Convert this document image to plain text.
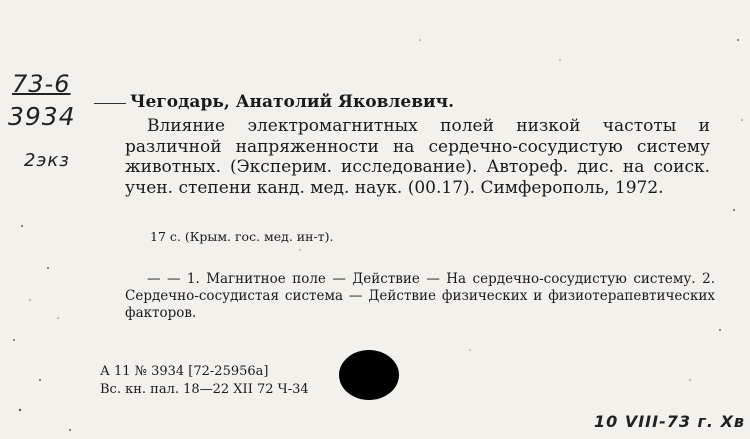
73-6
3934
2экз
Чегодарь, Анатолий Яковлевич.
Влияние электромагнитных полей низкой частоты и различной напряженности на сердечно-сосудистую систему животных. (Эксперим. исследование). Автореф. дис. на соиск. учен. степени канд. мед. наук. (00.17). Симферополь, 1972.
17 с. (Крым. гос. мед. ин-т).
— — 1. Магнитное поле — Действие — На сердечно-сосудистую систему. 2. Сердечно-сосудистая система — Действие физических и физиотерапевтических факторов.
А 11 № 3934 [72-25956а]
Вс. кн. пал. 18—22 XII 72 Ч-34
10 VIII-73 г. Хв
